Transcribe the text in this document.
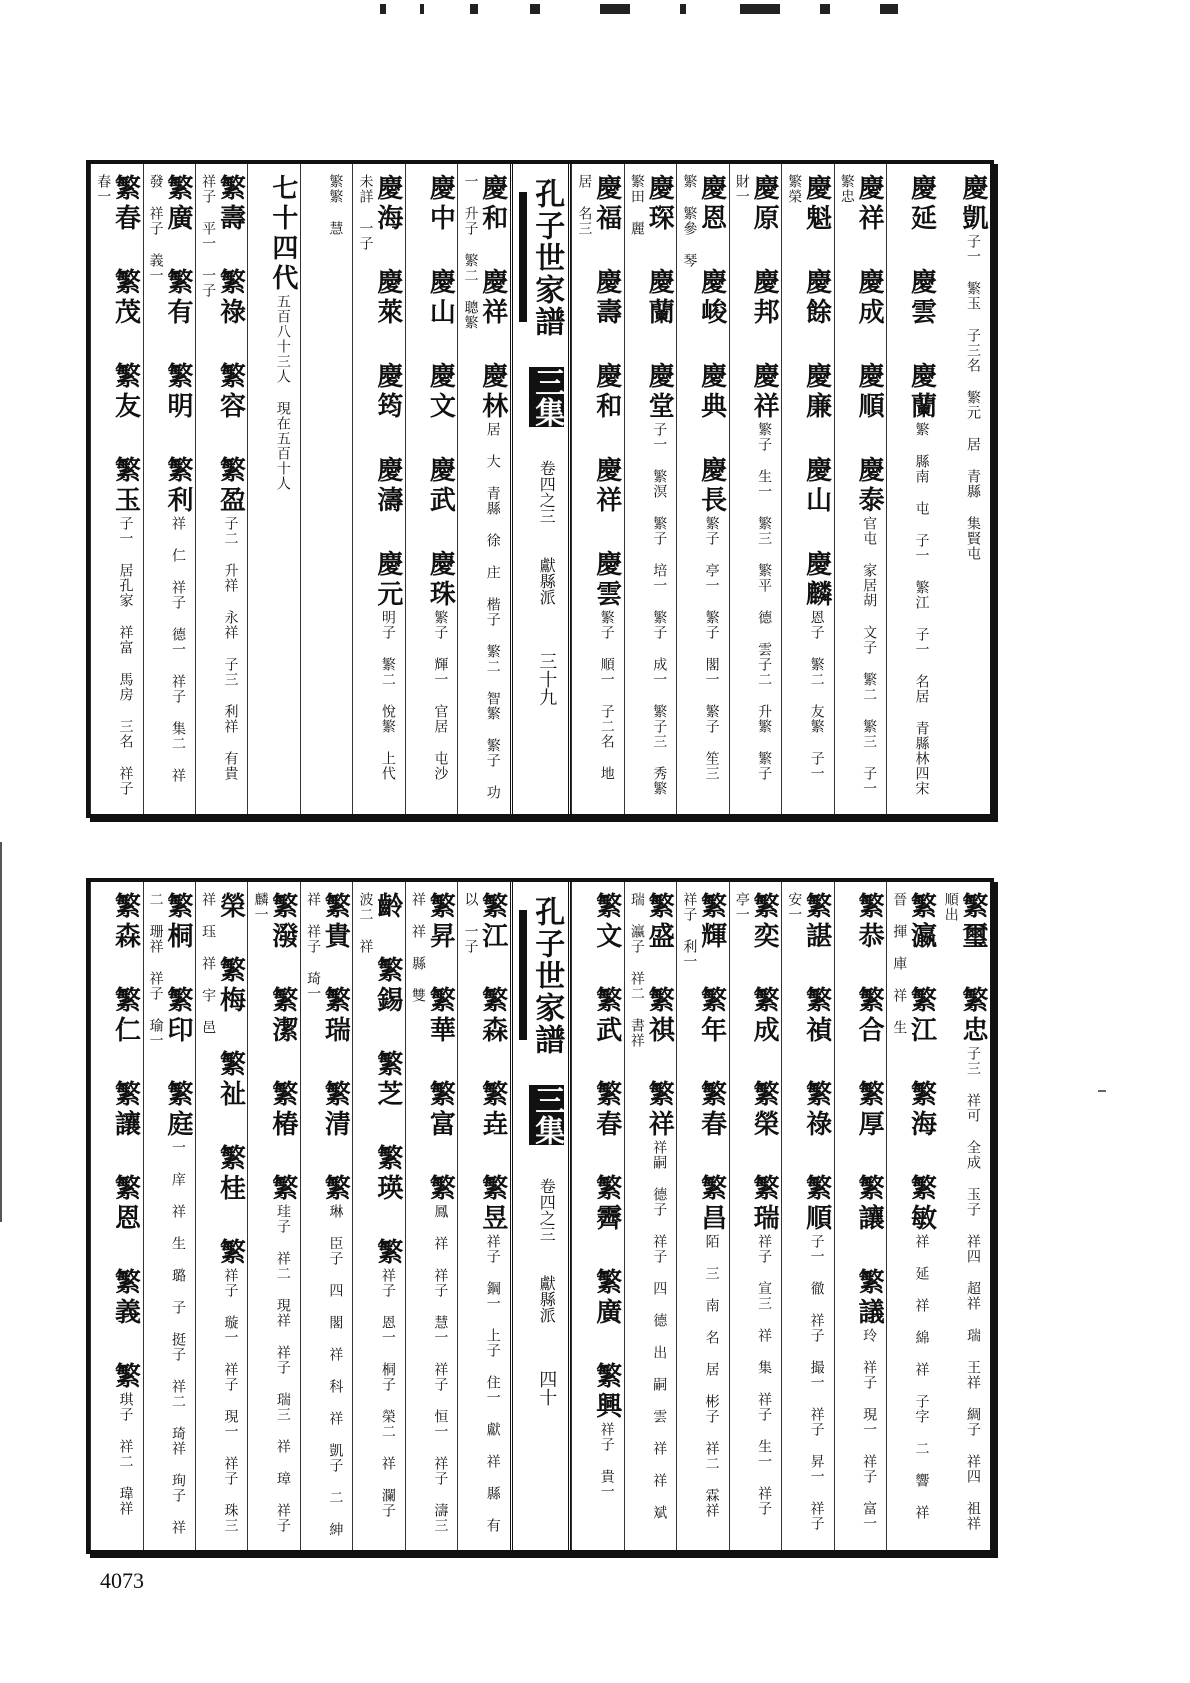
慶凱子一 繁玉 子三名 繁元 居 青縣 集賢屯
慶延 慶雲 慶蘭繁 縣南 屯 子一 繁江 子一 名居 青縣林四宋
慶祥 慶成 慶順 慶泰官屯 家居胡 文子 繁二 繁三 子一 繁忠
慶魁 慶餘 慶廉 慶山 慶麟恩子 繁二 友繁 子一 繁榮
慶原 慶邦 慶祥繁子 生一 繁三 繁平 德 雲子二 升繁 繁子 財一
慶恩 慶峻 慶典 慶長繁子 亭一 繁子 閣一 繁子 笙三 繁 繁參 琴
慶琛 慶蘭 慶堂子一 繁溟 繁子 培一 繁子 成一 繁子三 秀繁 繁田 麗
慶福 慶壽 慶和 慶祥 慶雲繁子 順一 子二名 地 居 名三
孔子世家譜 三集 卷四之三 獻縣派 三十九
慶和 慶祥 慶林居 大 青縣 徐 庄 楷子 繁二 智繁 繁子 功一 升子 繁二 聰繁
慶中 慶山 慶文 慶武 慶珠繁子 輝一 官居 屯沙
慶海 慶萊 慶筠 慶濤 慶元明子 繁二 悅繁 上代 未詳 一子
繁繁 慧
七十四代五百八十三人 現在五百十人
繁壽 繁祿 繁容 繁盈子二 升祥 永祥 子三 利祥 有貴 祥子 平一 一子
繁廣 繁有 繁明 繁利祥 仁 祥子 德一 祥子 集二 祥 發 祥子 義一
繁春 繁茂 繁友 繁玉子一 居孔家 祥富 馬房 三名 祥子 春一
繁璽 繁忠子三 祥可 全成 玉子 祥四 超祥 瑞 王祥 綢子 祥四 祖祥 順出
繁瀛 繁江 繁海 繁敏祥 延 祥 綿 祥 子字 二 響 祥 晉 揮 庫 祥 生
繁恭 繁合 繁厚 繁讓 繁議玲 祥子 現一 祥子 富一
繁諶 繁禎 繁祿 繁順子一 徹 祥子 撮一 祥子 昇一 祥子 安一
繁奕 繁成 繁榮 繁瑞祥子 宣三 祥 集 祥子 生一 祥子 亭一
繁輝 繁年 繁春 繁昌陌 三 南 名 居 彬子 祥二 霖祥 祥子 利一
繁盛 繁祺 繁祥祥嗣 德子 祥子 四 德 出 嗣 雲 祥 祥 斌 瑞 瀛子 祥二 書祥
繁文 繁武 繁春 繁霽 繁廣 繁興祥子 貴一
孔子世家譜 三集 卷四之三 獻縣派 四十
繁江 繁森 繁垚 繁昱祥子 鋼一 上子 住一 獻 祥 縣 有 以 一子
繁昇 繁華 繁富 繁鳳 祥 祥子 慧一 祥子 恒一 祥子 濤三 祥 祥 縣 雙
齡 繁錫 繁芝 繁瑛 繁祥子 恩一 桐子 榮二 祥 瀾子 波二 祥
繁貴 繁瑞 繁清 繁琳 臣子 四 閣 祥 科 祥 凱子 二 紳 祥 祥子 琦一
繁潑 繁潔 繁椿 繁珪子 祥二 現祥 祥子 瑞三 祥 璋 祥子 麟一
榮 繁梅 繁祉 繁桂 繁祥子 璇一 祥子 現一 祥子 珠三 祥 珏 祥 宇 邑
繁桐 繁印 繁庭一 庠 祥 生 璐 子 挺子 祥二 琦祥 珣子 祥二 珊祥 祥子 瑜一
繁森 繁仁 繁讓 繁恩 繁義 繁琪子 祥二 瑋祥
4073
